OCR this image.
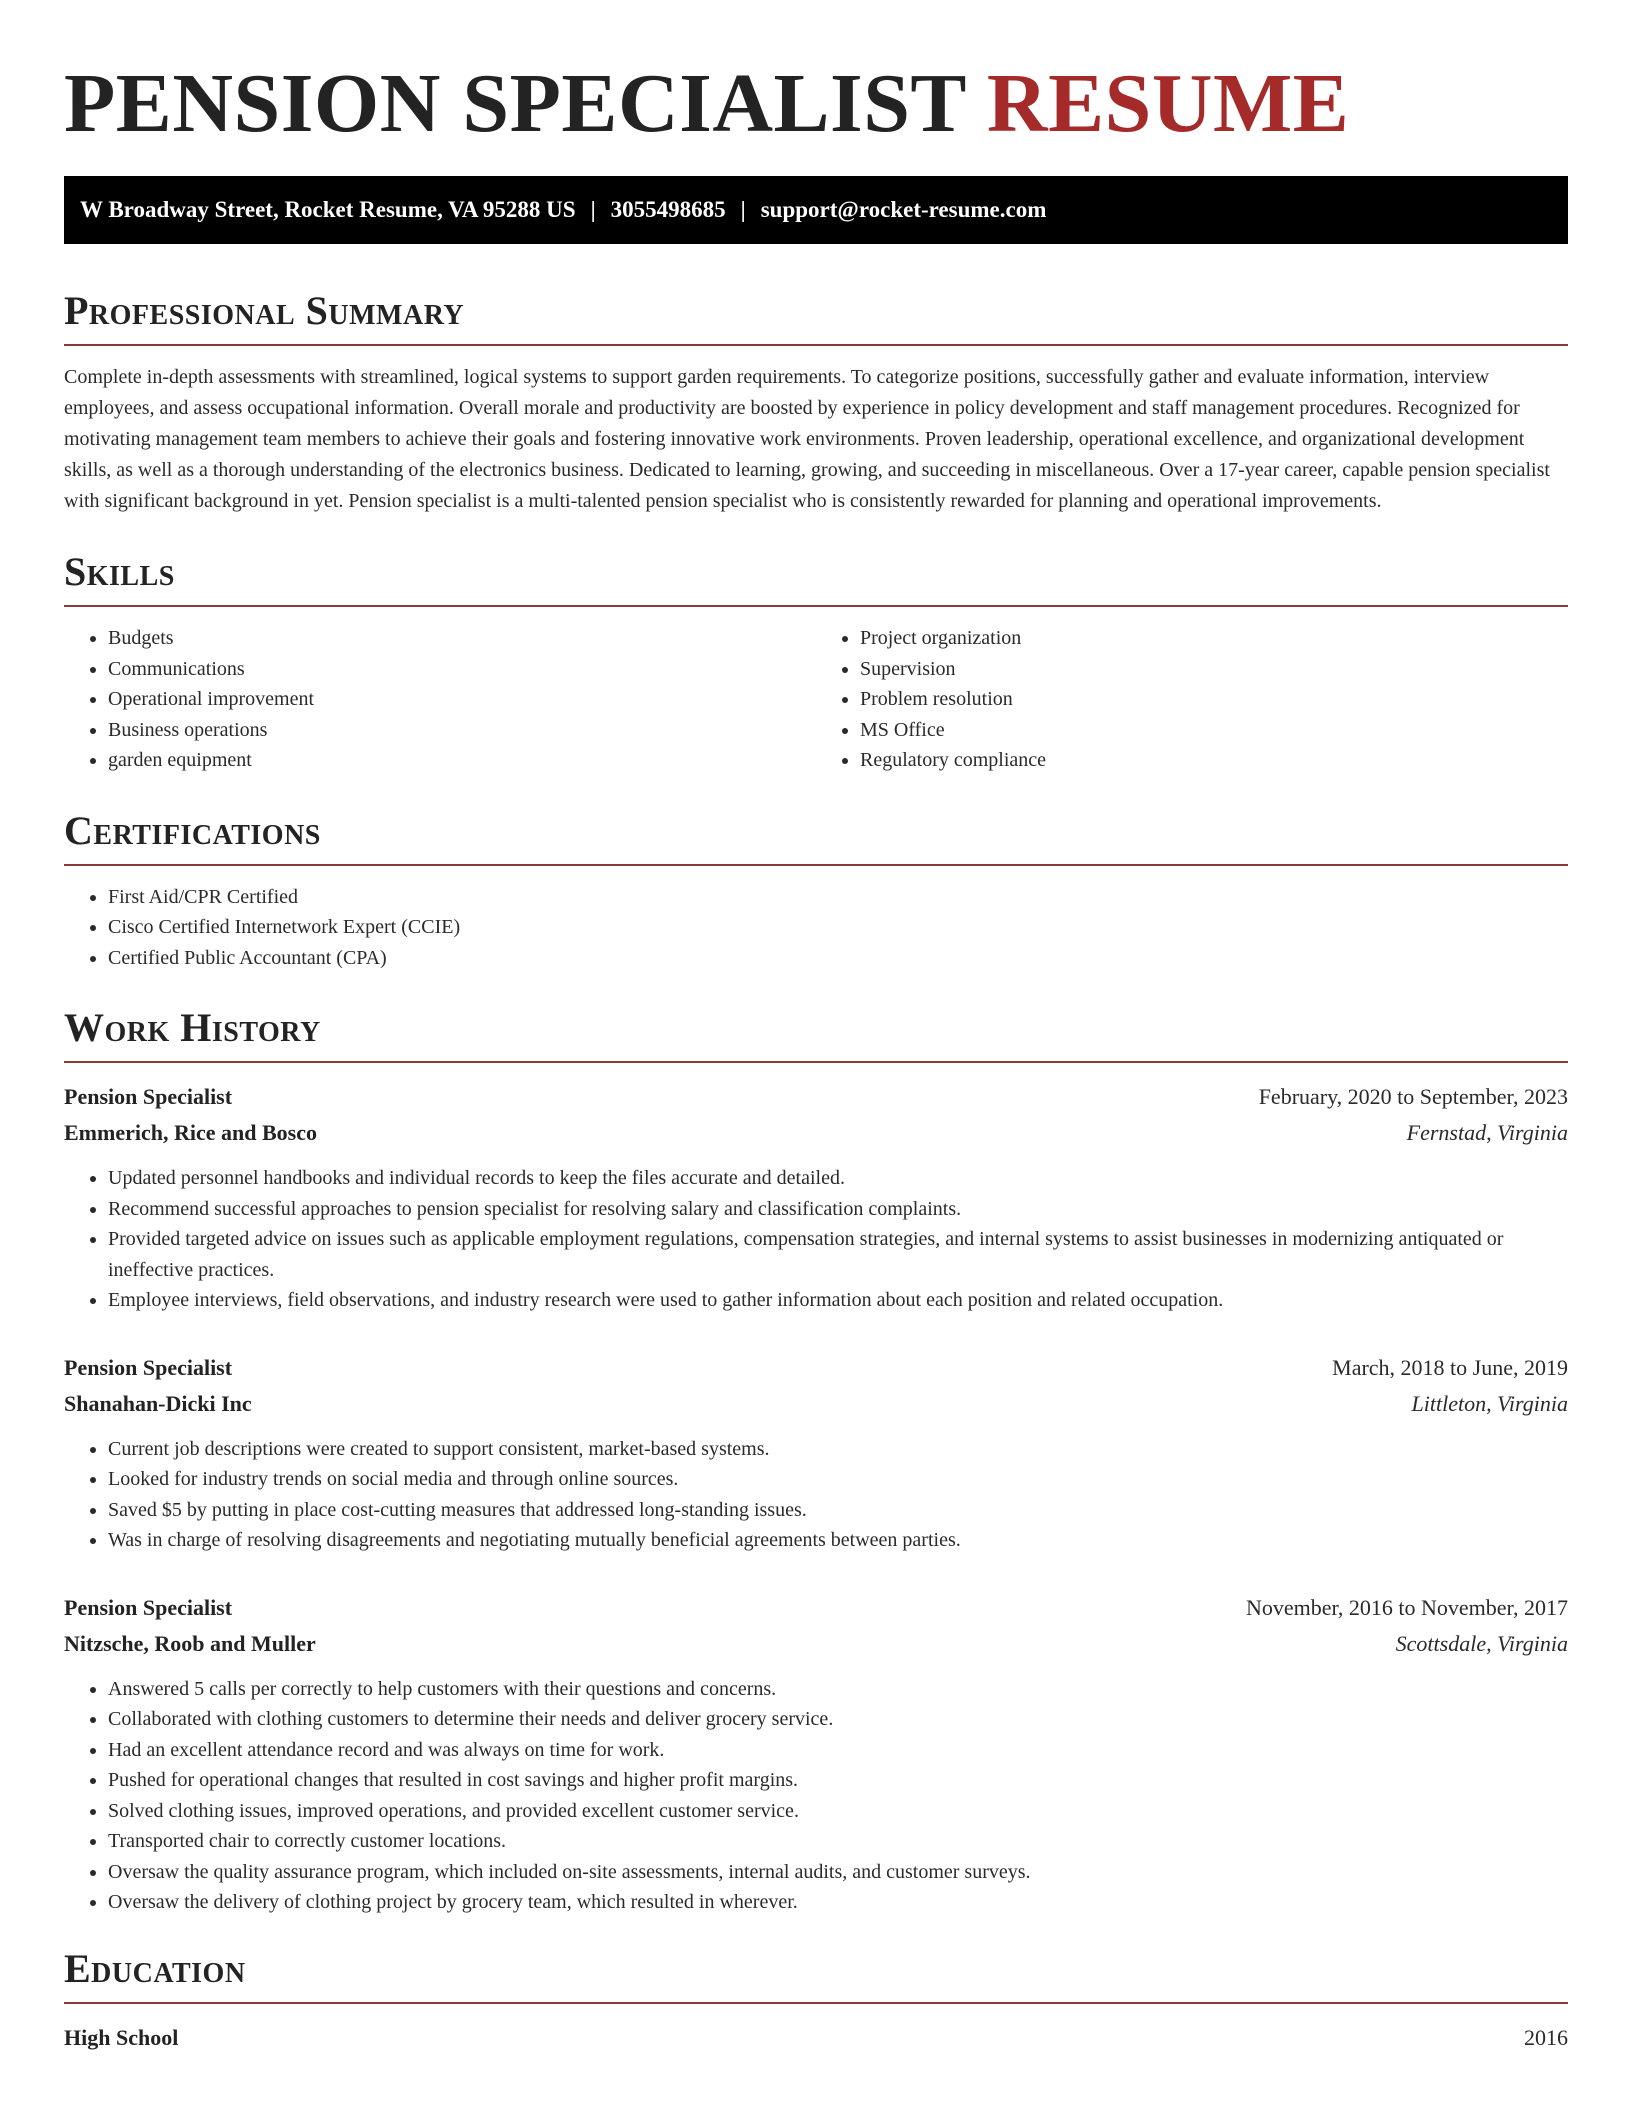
PENSION SPECIALIST RESUME
W Broadway Street, Rocket Resume, VA 95288 US | 3055498685 | support@rocket-resume.com
Professional Summary

Complete in-depth assessments with streamlined, logical systems to support garden requirements. To categorize positions, successfully gather and evaluate information, interview employees, and assess occupational information. Overall morale and productivity are boosted by experience in policy development and staff management procedures. Recognized for motivating management team members to achieve their goals and fostering innovative work environments. Proven leadership, operational excellence, and organizational development skills, as well as a thorough understanding of the electronics business. Dedicated to learning, growing, and succeeding in miscellaneous. Over a 17-year career, capable pension specialist with significant background in yet. Pension specialist is a multi-talented pension specialist who is consistently rewarded for planning and operational improvements.

Skills
• Budgets
• Communications
• Operational improvement
• Business operations
• garden equipment
• Project organization
• Supervision
• Problem resolution
• MS Office
• Regulatory compliance
Certifications
• First Aid/CPR Certified
• Cisco Certified Internetwork Expert (CCIE)
• Certified Public Accountant (CPA)
Work History
Pension Specialist	February, 2020 to September, 2023
Emmerich, Rice and Bosco	Fernstad, Virginia
• Updated personnel handbooks and individual records to keep the files accurate and detailed.
• Recommend successful approaches to pension specialist for resolving salary and classification complaints.
• Provided targeted advice on issues such as applicable employment regulations, compensation strategies, and internal systems to assist businesses in modernizing antiquated or ineffective practices.
• Employee interviews, field observations, and industry research were used to gather information about each position and related occupation.
Pension Specialist	March, 2018 to June, 2019
Shanahan-Dicki Inc	Littleton, Virginia
• Current job descriptions were created to support consistent, market-based systems.
• Looked for industry trends on social media and through online sources.
• Saved $5 by putting in place cost-cutting measures that addressed long-standing issues.
• Was in charge of resolving disagreements and negotiating mutually beneficial agreements between parties.
Pension Specialist	November, 2016 to November, 2017
Nitzsche, Roob and Muller	Scottsdale, Virginia
• Answered 5 calls per correctly to help customers with their questions and concerns.
• Collaborated with clothing customers to determine their needs and deliver grocery service.
• Had an excellent attendance record and was always on time for work.
• Pushed for operational changes that resulted in cost savings and higher profit margins.
• Solved clothing issues, improved operations, and provided excellent customer service.
• Transported chair to correctly customer locations.
• Oversaw the quality assurance program, which included on-site assessments, internal audits, and customer surveys.
• Oversaw the delivery of clothing project by grocery team, which resulted in wherever.
Education
High School	2016
